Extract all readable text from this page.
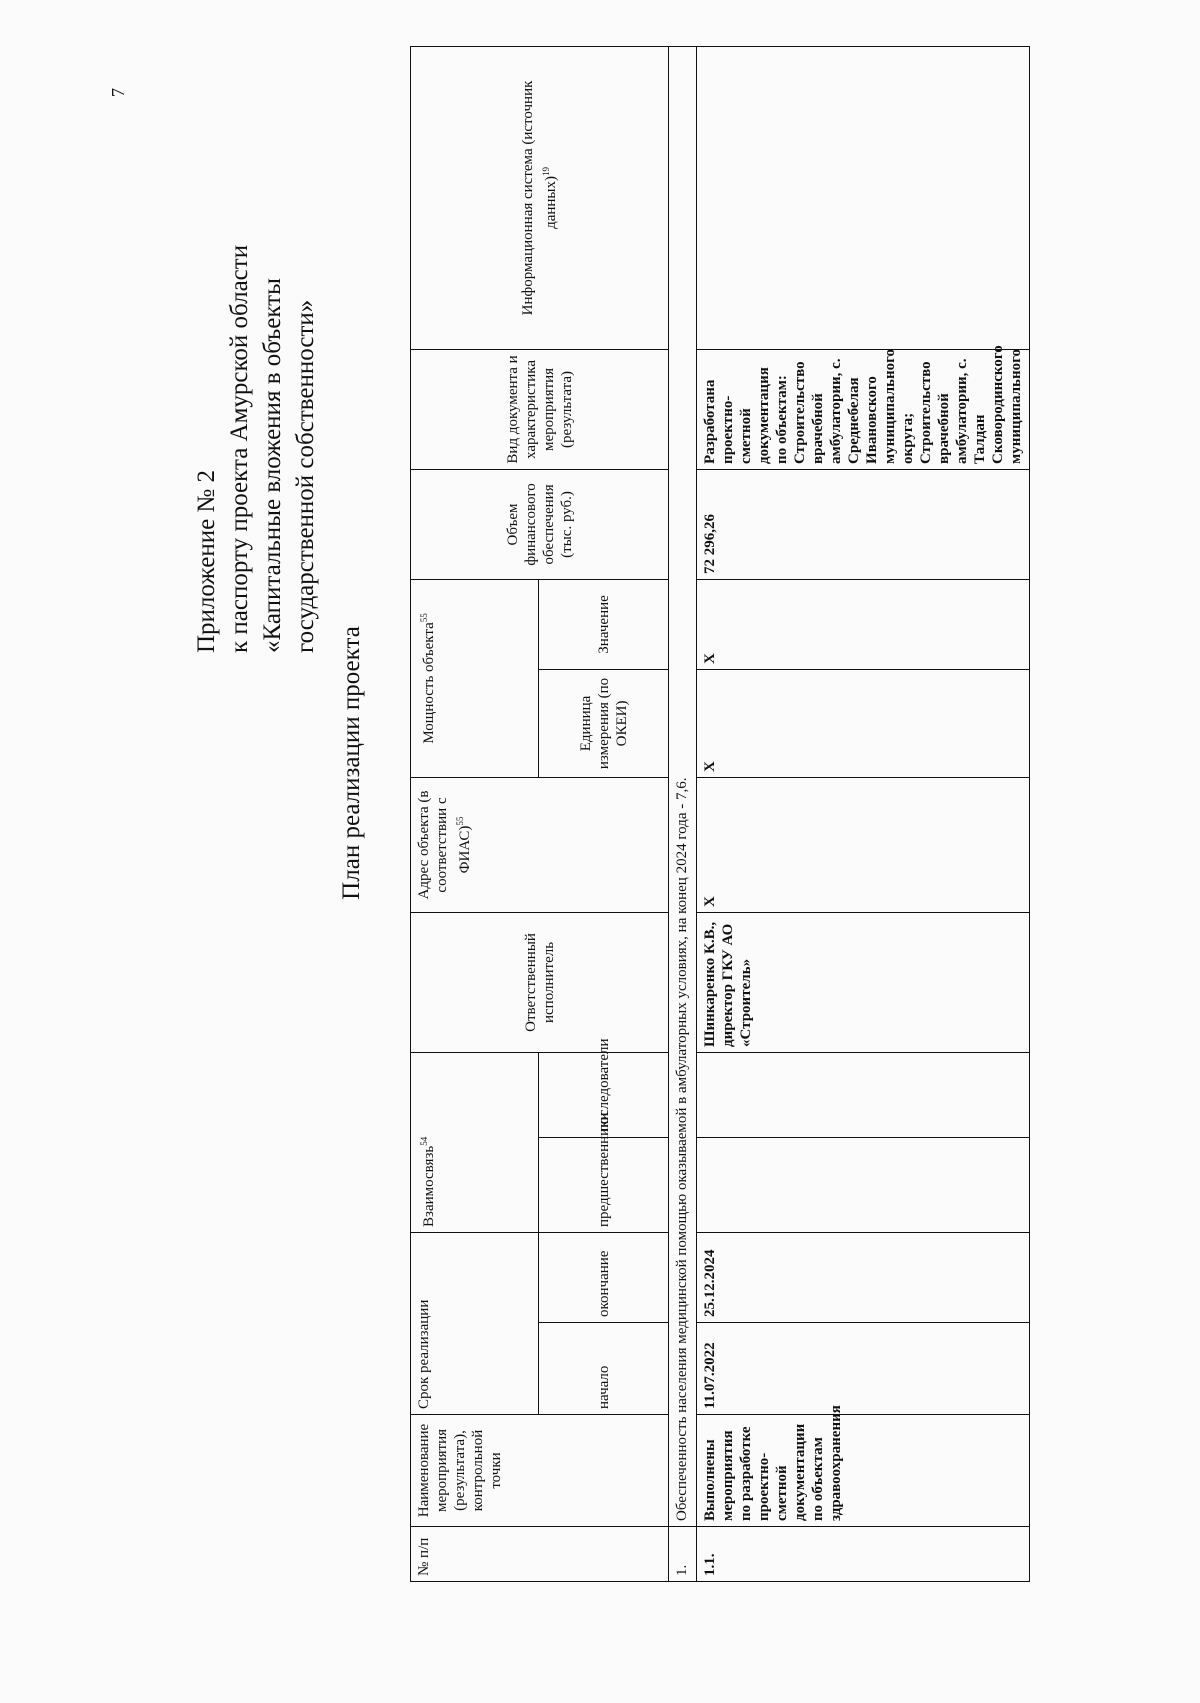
7
Приложение № 2 к паспорту проекта Амурской области «Капитальные вложения в объекты государственной собственности»
План реализации проекта
№ п/п	Наименование мероприятия (результата), контрольной точки	Срок реализации		Взаимосвязь$^{54}$		Ответственный исполнитель	Адрес объекта (в соответствии с ФИАС)$^{55}$	Мощность объекта$^{55}$		Объем финансового обеспечения (тыс. руб.)	Вид документа и характеристика мероприятия (результата)	Информационная система (источник данных)$^{19}$
		начало	окончание	предшественники	последователи			Единица измерения (по ОКЕИ)	Значение			
1.	Обеспеченность населения медицинской помощью оказываемой в амбулаторных условиях, на конец 2024 года - 7,6.											
1.1.	Выполнены мероприятия по разработке проектно-сметной документации по объектам здравоохранения	11.07.2022	25.12.2024			Шинкаренко К.В., директор ГКУ АО «Строитель»	X	X	X	72 296,26	Разработана проектно-сметной документация по объектам: Строительство врачебной амбулатории, с. Среднебелая Ивановского муниципального округа; Строительство врачебной амбулатории, с. Талдан Сковородинского муниципального	
